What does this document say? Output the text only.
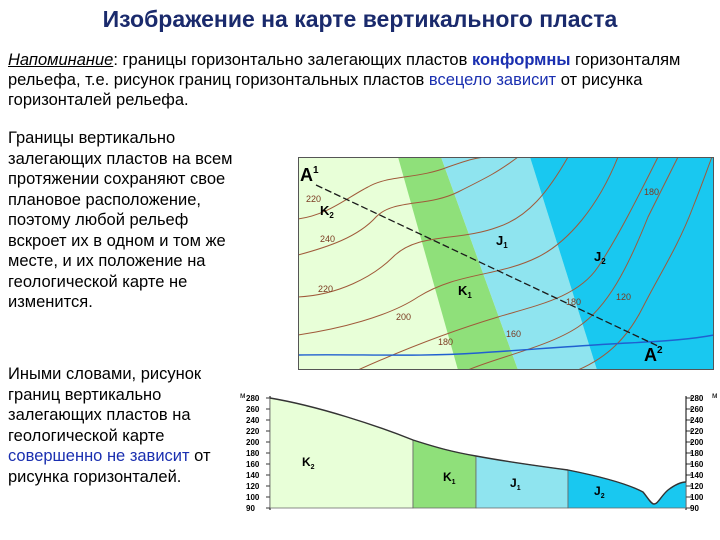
Изображение на карте вертикального пласта
Напоминание: границы горизонтально залегающих пластов конформны горизонталям рельефа, т.е. рисунок границ горизонтальных пластов всецело зависит от рисунка горизонталей рельефа.
Границы вертикально залегающих пластов на всем протяжении сохраняют свое плановое расположение, поэтому любой рельеф вскроет их в одном и том же месте, и их положение на геологической карте не изменится.
Иными словами, рисунок границ вертикально залегающих пластов на геологической карте совершенно не зависит от рисунка горизонталей.
220
240
220
200
180
160
180	120
180
$A^1$
$A^2$
$K_2$
$K_1$
$J_1$
$J_2$
м	м
280
260
240
220
200
180
160
140
120
100
90
280
260
240
220
200
180
160
140
120
100
90
$K_2$
$K_1$	$J_1$	$J_2$
